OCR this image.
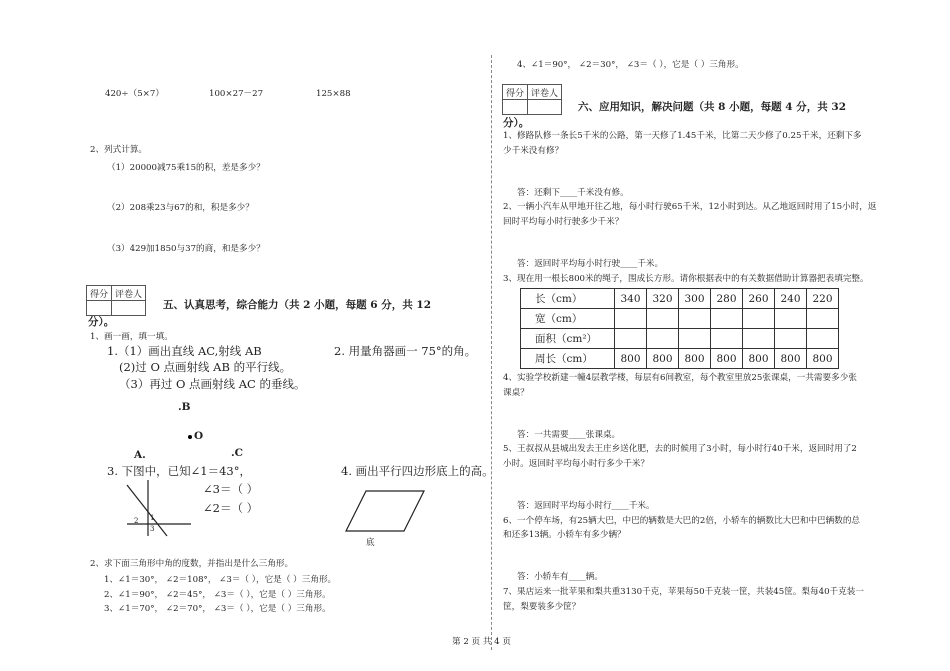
420÷（5×7）	100×27－27	125×88
2、列式计算。
（1）20000减75乘15的积，差是多少？
（2）208乘23与67的和，积是多少？
（3）429加1850与37的商，和是多少？
得分	评卷人

五、认真思考，综合能力（共 2 小题，每题 6 分，共 12
分）。
1、画一画，填一填。
1.（1）画出直线 AC,射线 AB	2. 用量角器画一 75°的角。
(2)过 O 点画射线 AB 的平行线。
（3）再过 O 点画射线 AC 的垂线。
.B
O
A.	.C
3. 下图中，已知∠1＝43°，
∠3＝（ ）
∠2＝（ ）
4. 画出平行四边形底上的高。
2 1
3
底
2、求下面三角形中角的度数，并指出是什么三角形。
1、∠1＝30°， ∠2＝108°， ∠3＝（ ），它是（ ）三角形。
2、∠1＝90°， ∠2＝45°， ∠3＝（ ），它是（ ）三角形。
3、∠1＝70°， ∠2＝70°， ∠3＝（ ），它是（ ）三角形。
4、∠1＝90°， ∠2＝30°， ∠3＝（ ），它是（ ）三角形。
得分	评卷人

六、应用知识，解决问题（共 8 小题，每题 4 分，共 32
分）。
1、修路队修一条长5千米的公路，第一天修了1.45千米，比第二天少修了0.25千米，还剩下多
少千米没有修？
答：还剩下____千米没有修。
2、一辆小汽车从甲地开往乙地，每小时行驶65千米，12小时到达。从乙地返回时用了15小时，返
回时平均每小时行驶多少千米？
答：返回时平均每小时行驶____千米。
3、现在用一根长800米的绳子，围成长方形。请你根据表中的有关数据借助计算器把表填完整。
长（cm）	340	320	300	280	260	240	220
宽（cm）							
面积（cm²）							
周长（cm）	800	800	800	800	800	800	800
4、实验学校新建一幢4层教学楼，每层有6间教室，每个教室里放25张课桌，一共需要多少张
课桌？
答：一共需要____张课桌。
5、王叔叔从县城出发去王庄乡送化肥，去的时候用了3小时，每小时行40千米，返回时用了2
小时。返回时平均每小时行多少千米？
答：返回时平均每小时行____千米。
6、一个停车场，有25辆大巴，中巴的辆数是大巴的2倍，小轿车的辆数比大巴和中巴辆数的总
和还多13辆。小轿车有多少辆？
答：小轿车有____辆。
7、果店运来一批苹果和梨共重3130千克，苹果每50千克装一筐，共装45筐。梨每40千克装一
筐，梨要装多少筐？
第 2 页 共 4 页
